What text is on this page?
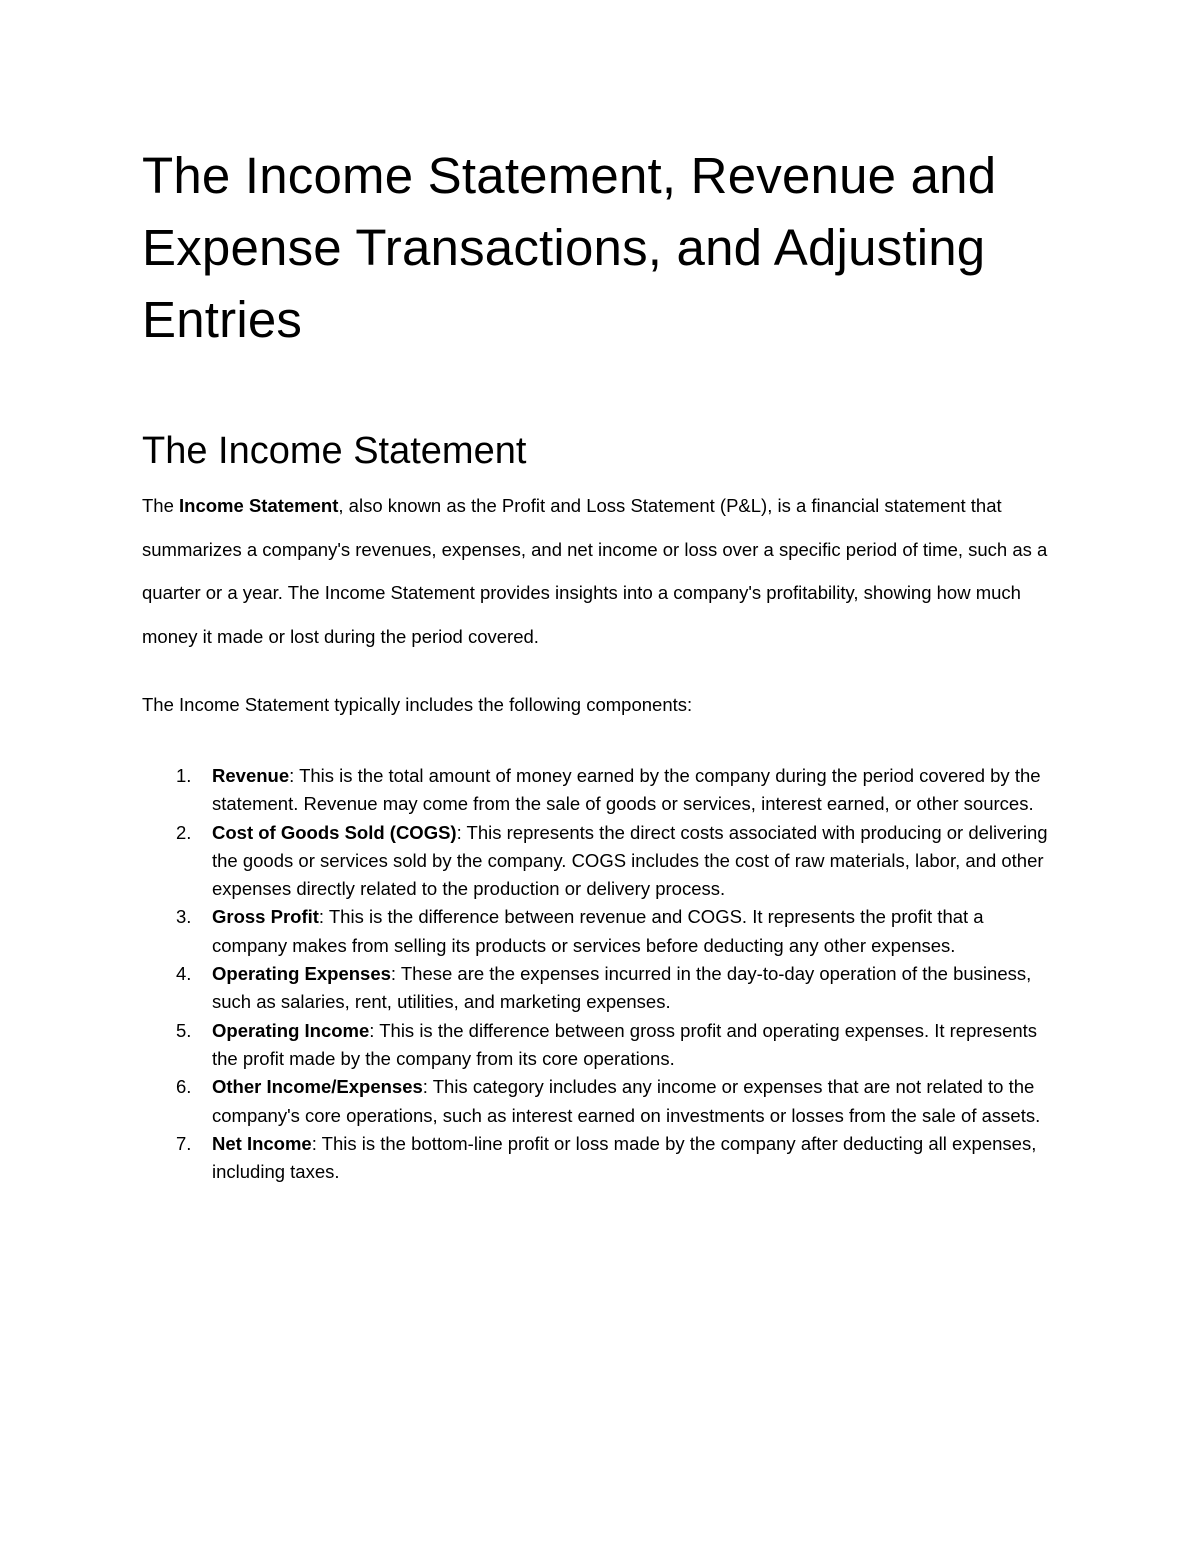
The Income Statement, Revenue and Expense Transactions, and Adjusting Entries
The Income Statement

The Income Statement, also known as the Profit and Loss Statement (P&L), is a financial statement that summarizes a company's revenues, expenses, and net income or loss over a specific period of time, such as a quarter or a year. The Income Statement provides insights into a company's profitability, showing how much money it made or lost during the period covered.

The Income Statement typically includes the following components:

1. Revenue: This is the total amount of money earned by the company during the period covered by the statement. Revenue may come from the sale of goods or services, interest earned, or other sources.
2. Cost of Goods Sold (COGS): This represents the direct costs associated with producing or delivering the goods or services sold by the company. COGS includes the cost of raw materials, labor, and other expenses directly related to the production or delivery process.
3. Gross Profit: This is the difference between revenue and COGS. It represents the profit that a company makes from selling its products or services before deducting any other expenses.
4. Operating Expenses: These are the expenses incurred in the day-to-day operation of the business, such as salaries, rent, utilities, and marketing expenses.
5. Operating Income: This is the difference between gross profit and operating expenses. It represents the profit made by the company from its core operations.
6. Other Income/Expenses: This category includes any income or expenses that are not related to the company's core operations, such as interest earned on investments or losses from the sale of assets.
7. Net Income: This is the bottom-line profit or loss made by the company after deducting all expenses, including taxes.
